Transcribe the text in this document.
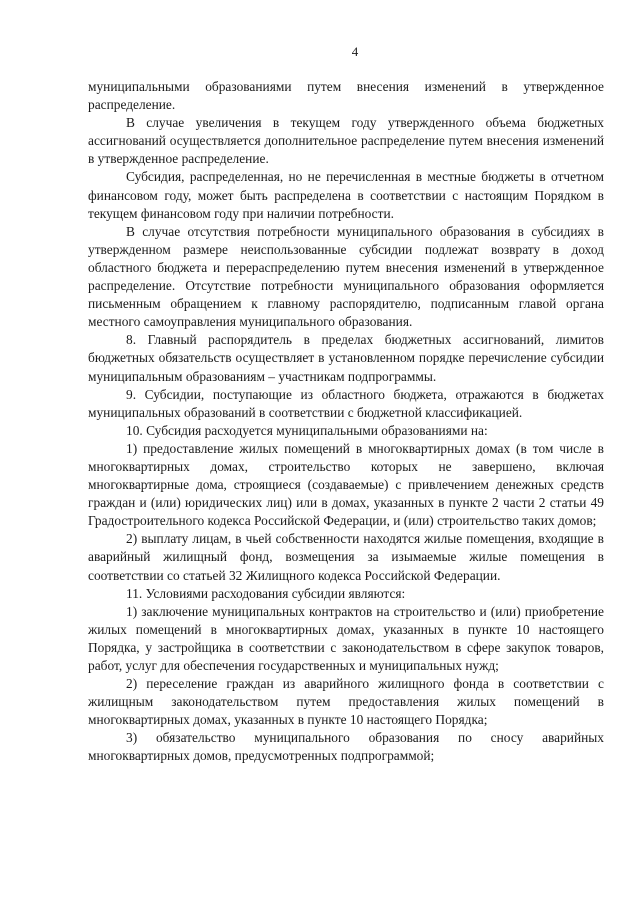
4

муниципальными образованиями путем внесения изменений в утвержденное распределение.

В случае увеличения в текущем году утвержденного объема бюджетных ассигнований осуществляется дополнительное распределение путем внесения изменений в утвержденное распределение.

Субсидия, распределенная, но не перечисленная в местные бюджеты в отчетном финансовом году, может быть распределена в соответствии с настоящим Порядком в текущем финансовом году при наличии потребности.

В случае отсутствия потребности муниципального образования в субсидиях в утвержденном размере неиспользованные субсидии подлежат возврату в доход областного бюджета и перераспределению путем внесения изменений в утвержденное распределение. Отсутствие потребности муниципального образования оформляется письменным обращением к главному распорядителю, подписанным главой органа местного самоуправления муниципального образования.

8. Главный распорядитель в пределах бюджетных ассигнований, лимитов бюджетных обязательств осуществляет в установленном порядке перечисление субсидии муниципальным образованиям – участникам подпрограммы.

9. Субсидии, поступающие из областного бюджета, отражаются в бюджетах муниципальных образований в соответствии с бюджетной классификацией.

10. Субсидия расходуется муниципальными образованиями на:

1) предоставление жилых помещений в многоквартирных домах (в том числе в многоквартирных домах, строительство которых не завершено, включая многоквартирные дома, строящиеся (создаваемые) с привлечением денежных средств граждан и (или) юридических лиц) или в домах, указанных в пункте 2 части 2 статьи 49 Градостроительного кодекса Российской Федерации, и (или) строительство таких домов;

2) выплату лицам, в чьей собственности находятся жилые помещения, входящие в аварийный жилищный фонд, возмещения за изымаемые жилые помещения в соответствии со статьей 32 Жилищного кодекса Российской Федерации.

11. Условиями расходования субсидии являются:

1) заключение муниципальных контрактов на строительство и (или) приобретение жилых помещений в многоквартирных домах, указанных в пункте 10 настоящего Порядка, у застройщика в соответствии с законодательством в сфере закупок товаров, работ, услуг для обеспечения государственных и муниципальных нужд;

2) переселение граждан из аварийного жилищного фонда в соответствии с жилищным законодательством путем предоставления жилых помещений в многоквартирных домах, указанных в пункте 10 настоящего Порядка;

3) обязательство муниципального образования по сносу аварийных многоквартирных домов, предусмотренных подпрограммой;
